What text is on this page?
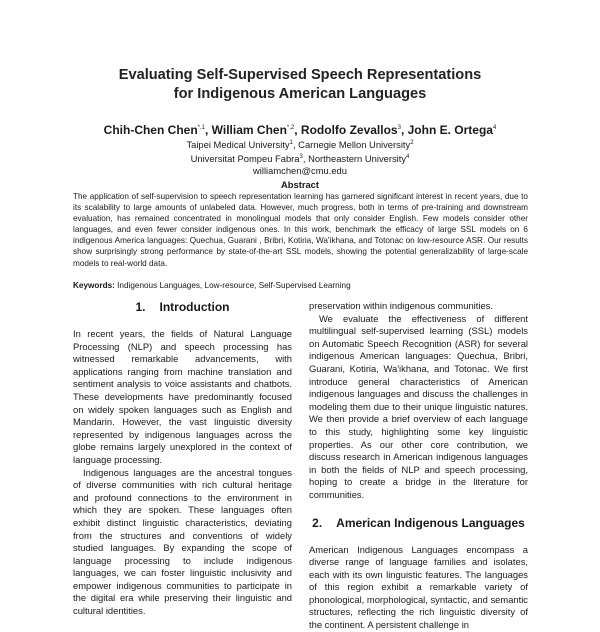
Evaluating Self-Supervised Speech Representations
for Indigenous American Languages
Chih-Chen Chen$^{*,1}$, William Chen$^{*,2}$, Rodolfo Zevallos$^3$, John E. Ortega$^4$
Taipei Medical University$^1$, Carnegie Mellon University$^2$
Universitat Pompeu Fabra$^3$, Northeastern University$^4$
williamchen@cmu.edu
Abstract
The application of self-supervision to speech representation learning has garnered significant interest in recent years, due to its scalability to large amounts of unlabeled data. However, much progress, both in terms of pre-training and downstream evaluation, has remained concentrated in monolingual models that only consider English. Few models consider other languages, and even fewer consider indigenous ones. In this work, benchmark the efficacy of large SSL models on 6 indigenous America languages: Quechua, Guarani , Bribri, Kotiria, Wa'ikhana, and Totonac on low-resource ASR. Our results show surprisingly strong performance by state-of-the-art SSL models, showing the potential generalizability of large-scale models to real-world data.
Keywords: Indigenous Languages, Low-resource, Self-Supervised Learning
1. Introduction

In recent years, the fields of Natural Language Processing (NLP) and speech processing has witnessed remarkable advancements, with applications ranging from machine translation and sentiment analysis to voice assistants and chatbots. These developments have predominantly focused on widely spoken languages such as English and Mandarin. However, the vast linguistic diversity represented by indigenous languages across the globe remains largely unexplored in the context of language processing.

Indigenous languages are the ancestral tongues of diverse communities with rich cultural heritage and profound connections to the environment in which they are spoken. These languages often exhibit distinct linguistic characteristics, deviating from the structures and conventions of widely studied languages. By expanding the scope of language processing to include indigenous languages, we can foster linguistic inclusivity and empower indigenous communities to participate in the digital era while preserving their linguistic and cultural identities.

preservation within indigenous communities.

We evaluate the effectiveness of different multilingual self-supervised learning (SSL) models on Automatic Speech Recognition (ASR) for several indigenous American languages: Quechua, Bribri, Guarani, Kotiria, Wa'ikhana, and Totonac. We first introduce general characteristics of American indigenous languages and discuss the challenges in modeling them due to their unique linguistic natures. We then provide a brief overview of each language to this study, highlighting some key linguistic properties. As our other core contribution, we discuss research in American indigenous languages in both the fields of NLP and speech processing, hoping to create a bridge in the literature for communities.

2. American Indigenous Languages

American Indigenous Languages encompass a diverse range of language families and isolates, each with its own linguistic features. The languages of this region exhibit a remarkable variety of phonological, morphological, syntactic, and semantic structures, reflecting the rich linguistic diversity of the continent. A persistent challenge in
